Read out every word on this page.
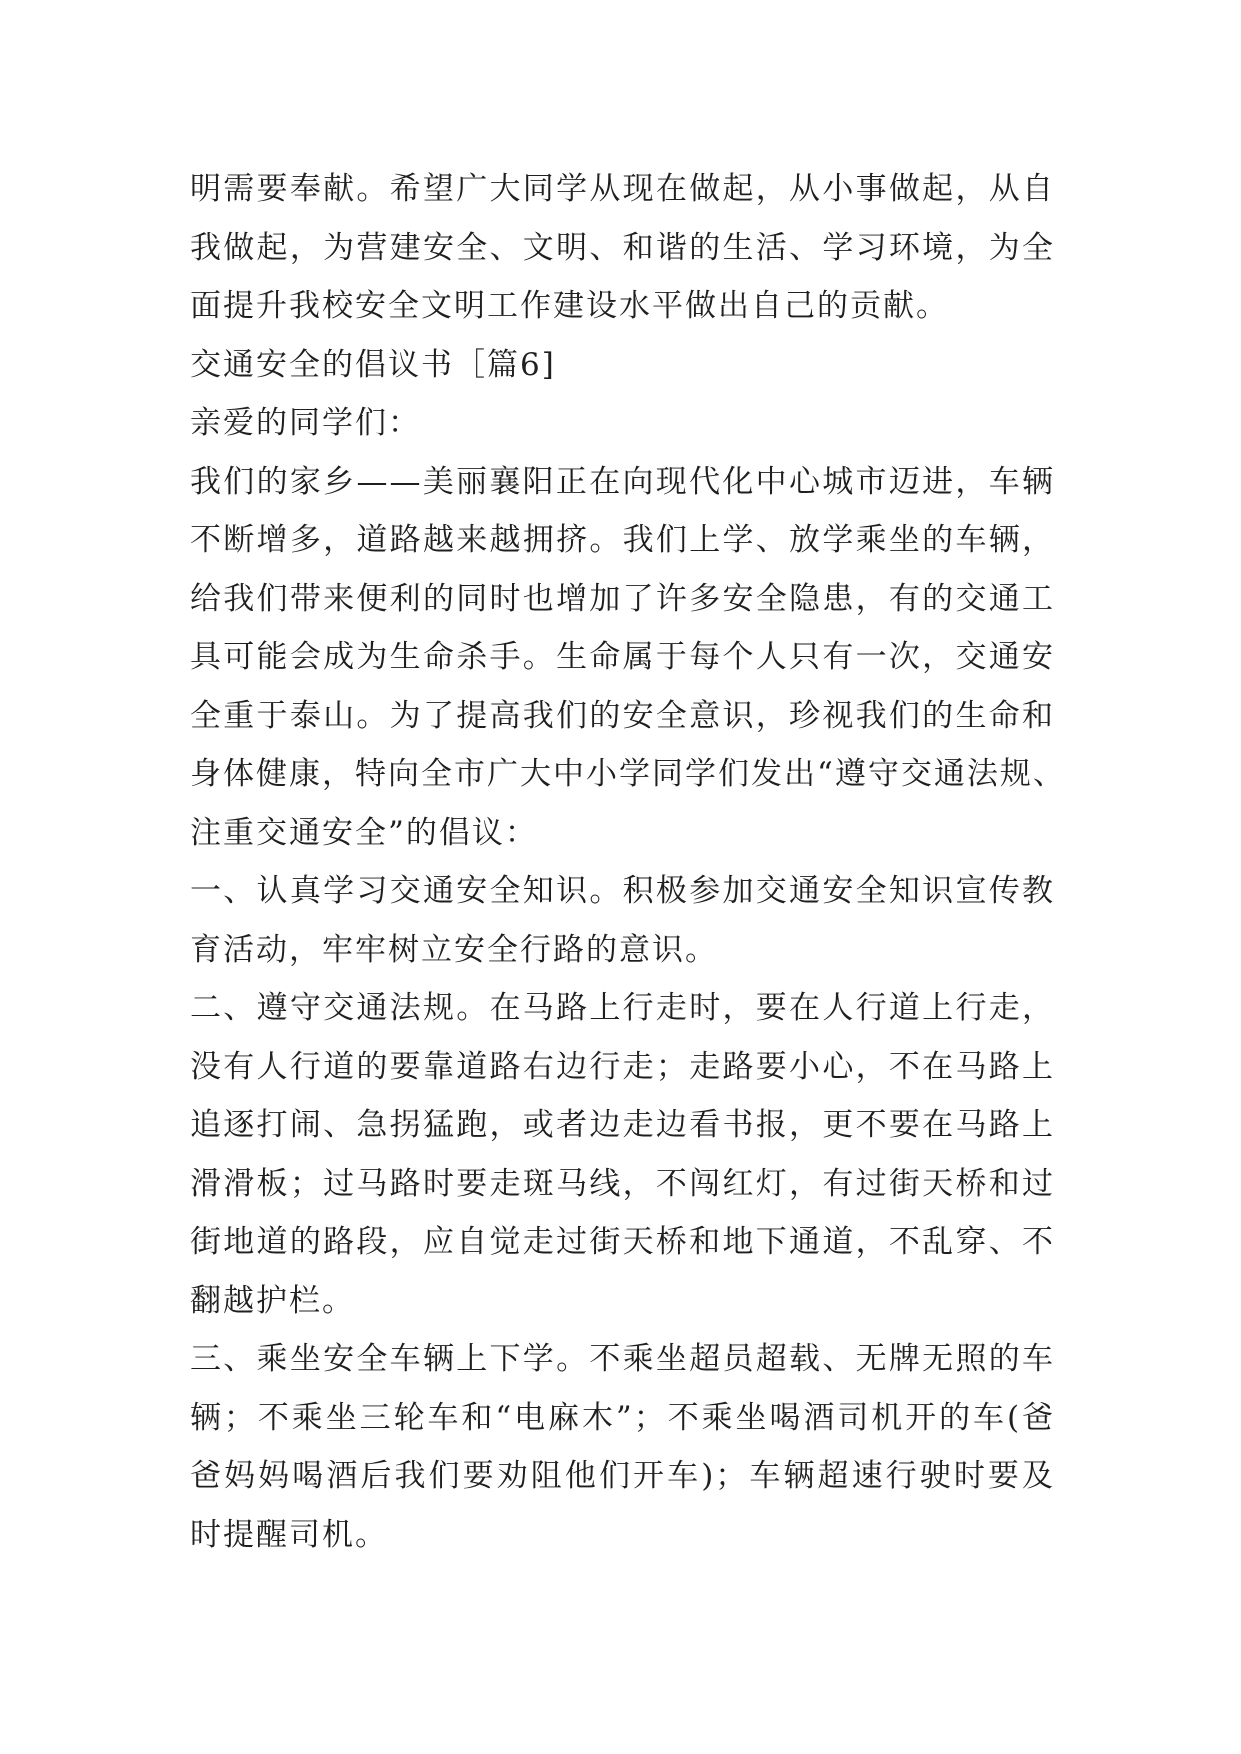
明需要奉献。希望广大同学从现在做起，从小事做起，从自
我做起，为营建安全、文明、和谐的生活、学习环境，为全
面提升我校安全文明工作建设水平做出自己的贡献。
交通安全的倡议书［篇6]
亲爱的同学们：
我们的家乡——美丽襄阳正在向现代化中心城市迈进，车辆
不断增多，道路越来越拥挤。我们上学、放学乘坐的车辆，
给我们带来便利的同时也增加了许多安全隐患，有的交通工
具可能会成为生命杀手。生命属于每个人只有一次，交通安
全重于泰山。为了提高我们的安全意识，珍视我们的生命和
身体健康，特向全市广大中小学同学们发出“遵守交通法规、
注重交通安全”的倡议：
一、认真学习交通安全知识。积极参加交通安全知识宣传教
育活动，牢牢树立安全行路的意识。
二、遵守交通法规。在马路上行走时，要在人行道上行走，
没有人行道的要靠道路右边行走；走路要小心，不在马路上
追逐打闹、急拐猛跑，或者边走边看书报，更不要在马路上
滑滑板；过马路时要走斑马线，不闯红灯，有过街天桥和过
街地道的路段，应自觉走过街天桥和地下通道，不乱穿、不
翻越护栏。
三、乘坐安全车辆上下学。不乘坐超员超载、无牌无照的车
辆；不乘坐三轮车和“电麻木”；不乘坐喝酒司机开的车(爸
爸妈妈喝酒后我们要劝阻他们开车)；车辆超速行驶时要及
时提醒司机。
